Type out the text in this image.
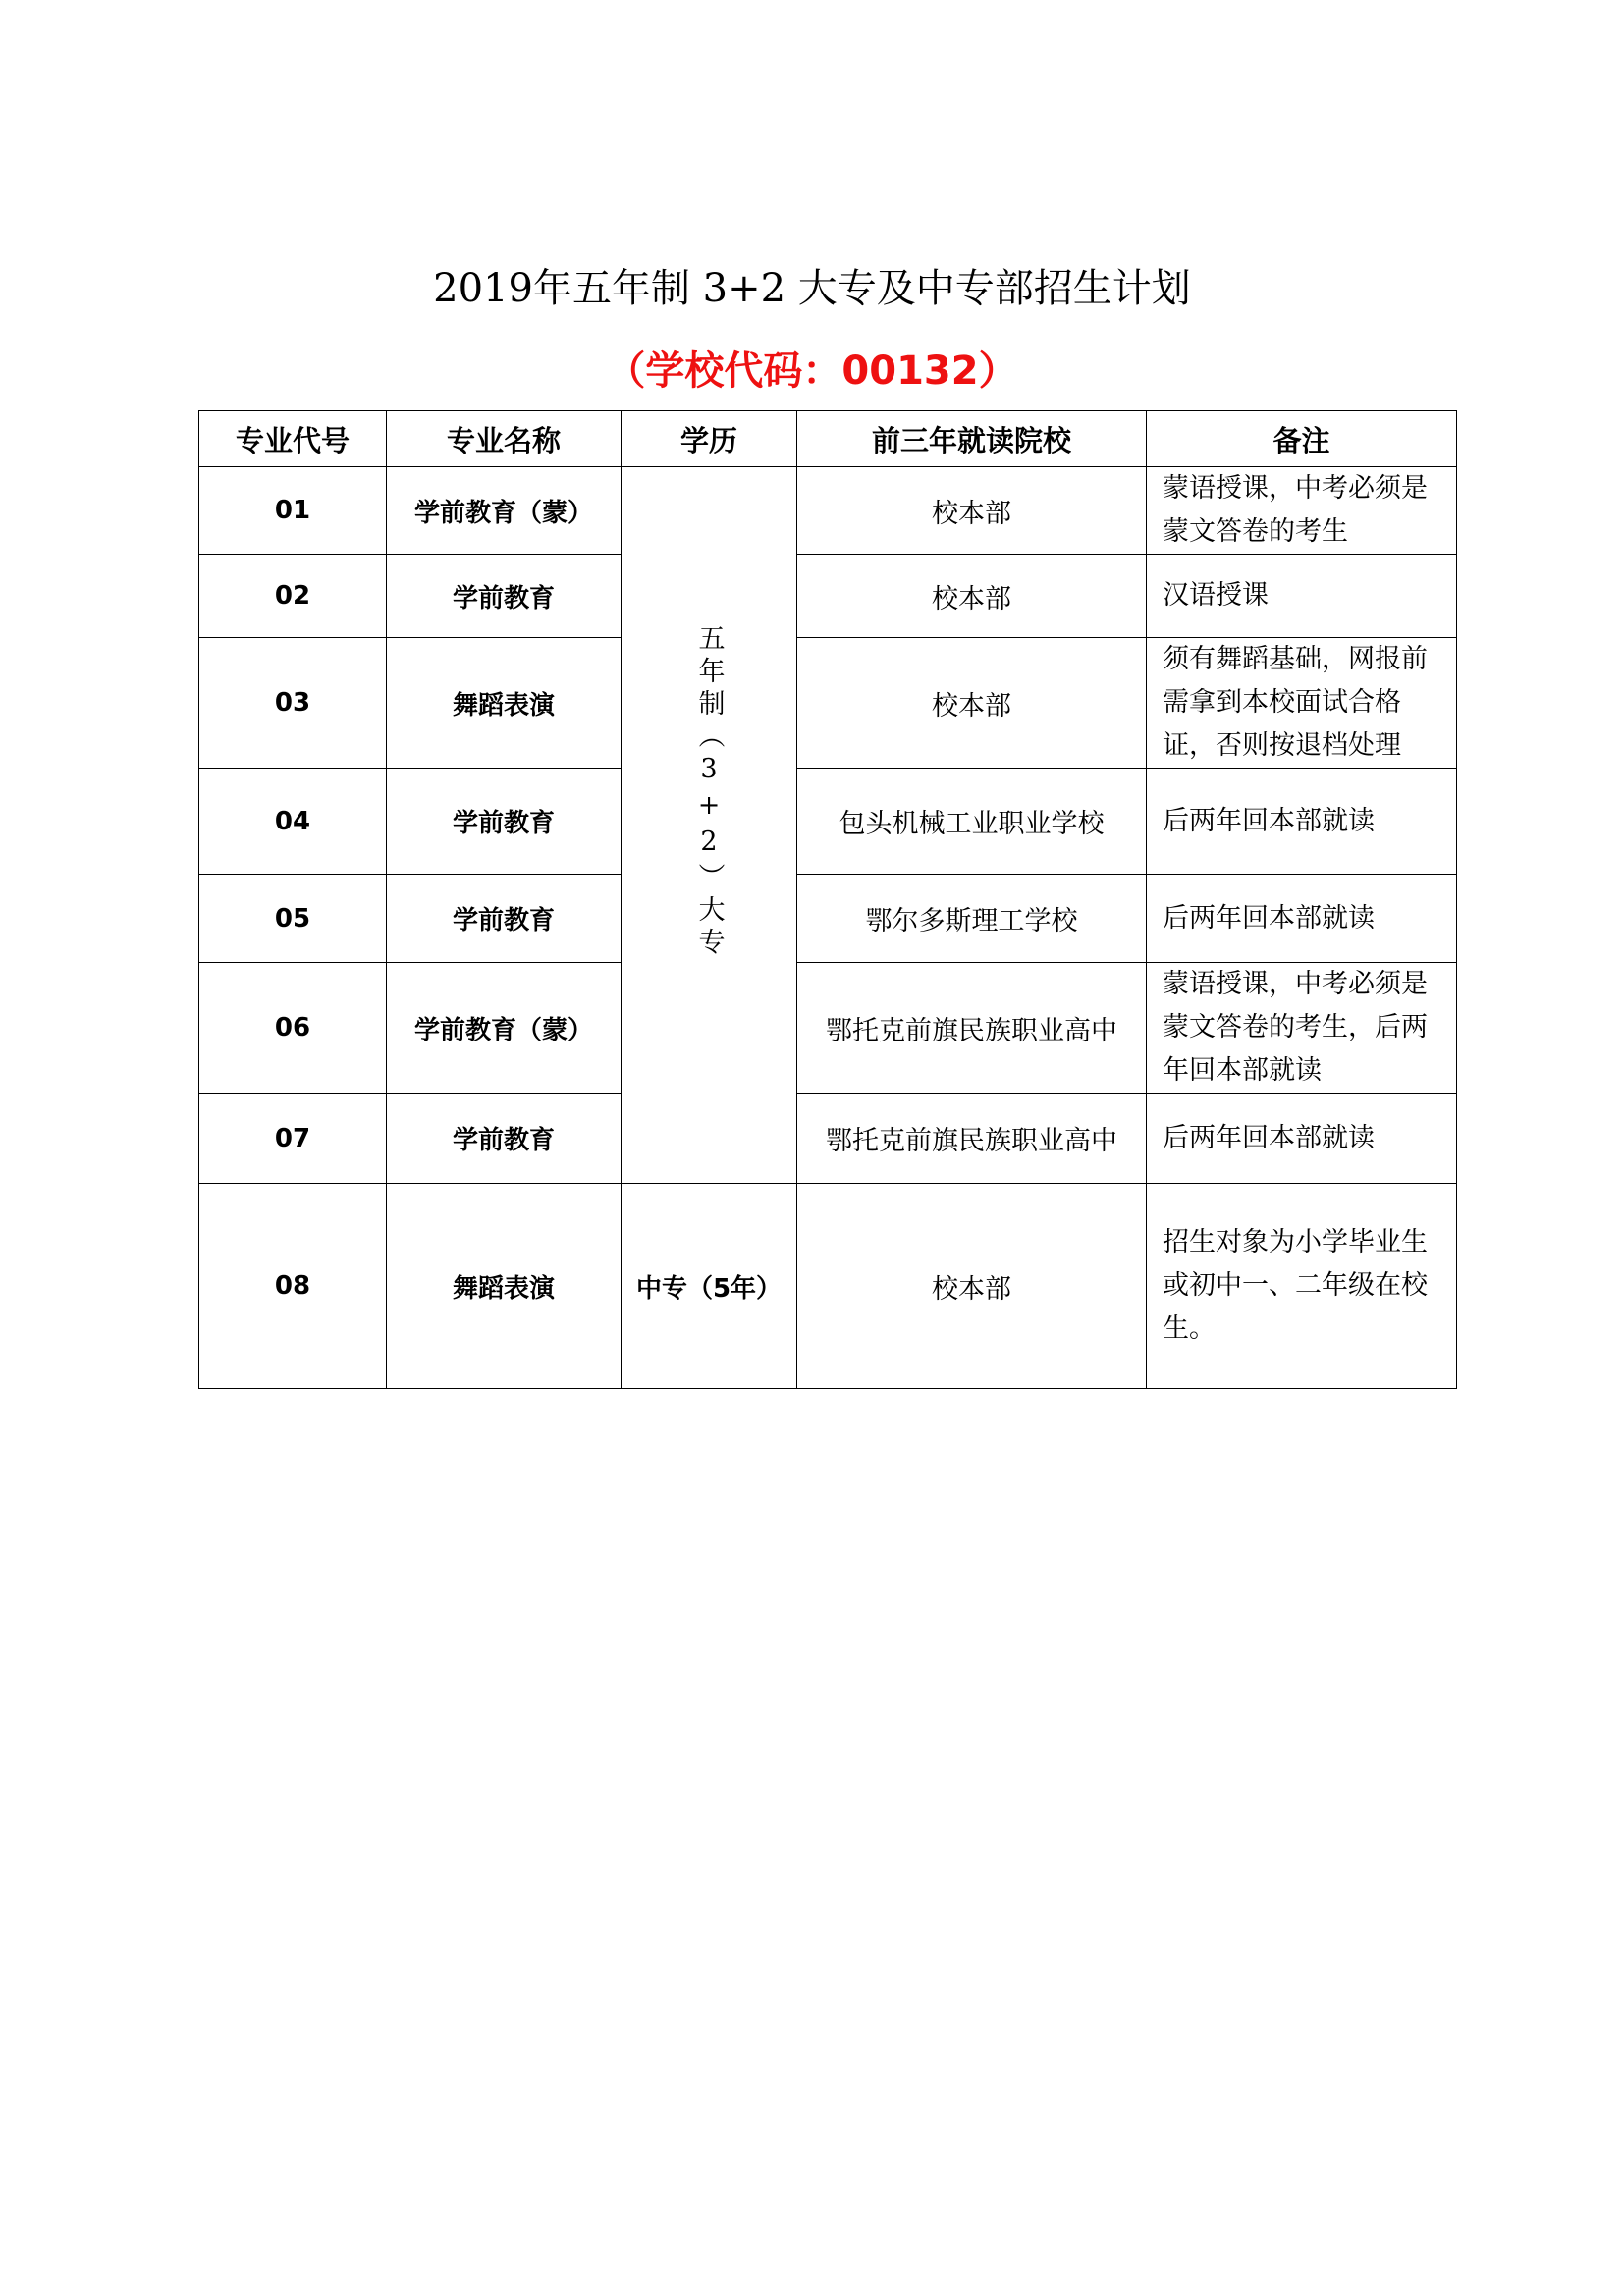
2019年五年制 3+2 大专及中专部招生计划
（学校代码：00132）
专业代号	专业名称	学历	前三年就读院校	备注
01	学前教育（蒙）	五年制（3+2）大专	校本部	蒙语授课，中考必须是蒙文答卷的考生
02	学前教育		校本部	汉语授课
03	舞蹈表演		校本部	须有舞蹈基础，网报前需拿到本校面试合格证，否则按退档处理
04	学前教育		包头机械工业职业学校	后两年回本部就读
05	学前教育		鄂尔多斯理工学校	后两年回本部就读
06	学前教育（蒙）		鄂托克前旗民族职业高中	蒙语授课，中考必须是蒙文答卷的考生，后两年回本部就读
07	学前教育		鄂托克前旗民族职业高中	后两年回本部就读
08	舞蹈表演	中专（5年）	校本部	招生对象为小学毕业生或初中一、二年级在校生。
